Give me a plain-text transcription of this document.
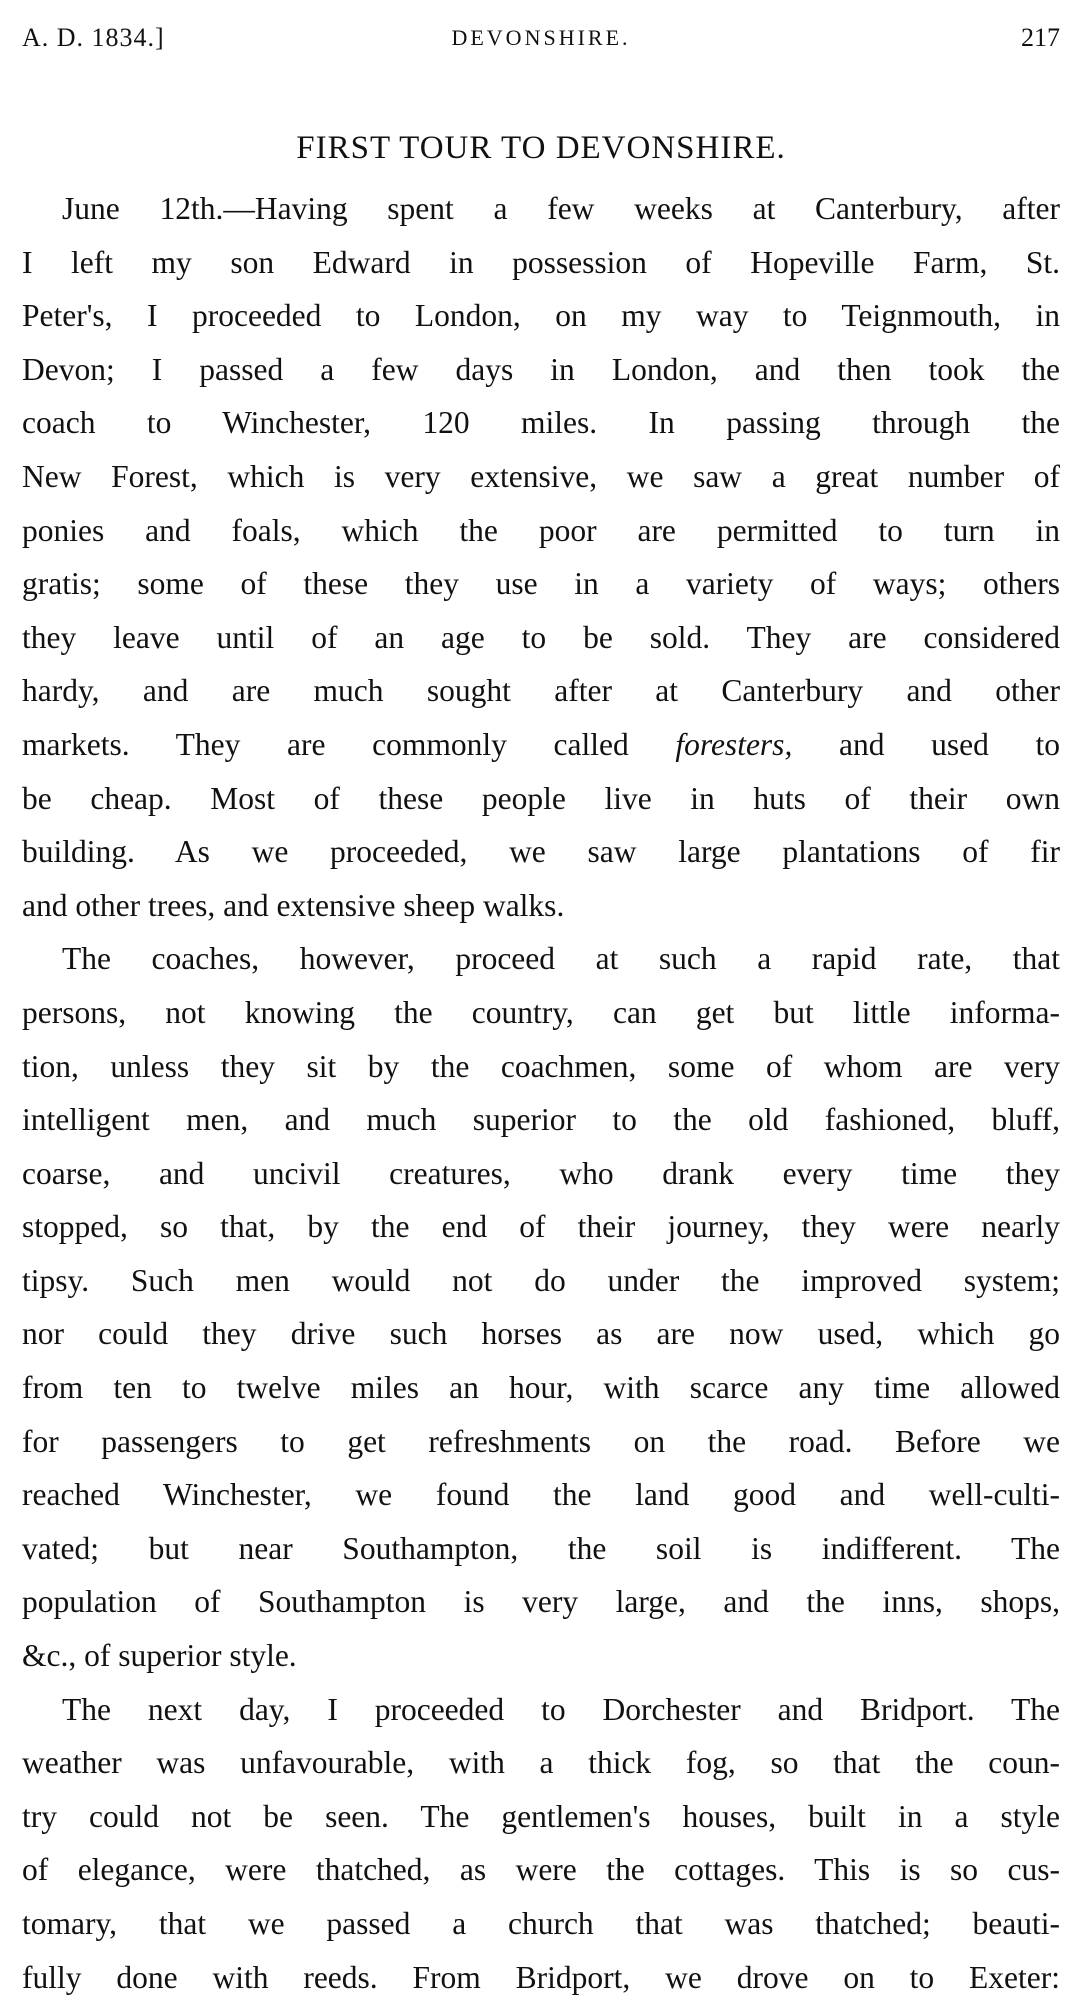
A. D. 1834.]	DEVONSHIRE.	217
FIRST TOUR TO DEVONSHIRE.
June 12th.—Having spent a few weeks at Canterbury, after
I left my son Edward in possession of Hopeville Farm, St.
Peter's, I proceeded to London, on my way to Teignmouth, in
Devon; I passed a few days in London, and then took the
coach to Winchester, 120 miles. In passing through the
New Forest, which is very extensive, we saw a great number of
ponies and foals, which the poor are permitted to turn in
gratis; some of these they use in a variety of ways; others
they leave until of an age to be sold. They are considered
hardy, and are much sought after at Canterbury and other
markets. They are commonly called foresters, and used to
be cheap. Most of these people live in huts of their own
building. As we proceeded, we saw large plantations of fir
and other trees, and extensive sheep walks.
The coaches, however, proceed at such a rapid rate, that
persons, not knowing the country, can get but little informa-
tion, unless they sit by the coachmen, some of whom are very
intelligent men, and much superior to the old fashioned, bluff,
coarse, and uncivil creatures, who drank every time they
stopped, so that, by the end of their journey, they were nearly
tipsy. Such men would not do under the improved system;
nor could they drive such horses as are now used, which go
from ten to twelve miles an hour, with scarce any time allowed
for passengers to get refreshments on the road. Before we
reached Winchester, we found the land good and well-culti-
vated; but near Southampton, the soil is indifferent. The
population of Southampton is very large, and the inns, shops,
&c., of superior style.
The next day, I proceeded to Dorchester and Bridport. The
weather was unfavourable, with a thick fog, so that the coun-
try could not be seen. The gentlemen's houses, built in a style
of elegance, were thatched, as were the cottages. This is so cus-
tomary, that we passed a church that was thatched; beauti-
fully done with reeds. From Bridport, we drove on to Exeter:
